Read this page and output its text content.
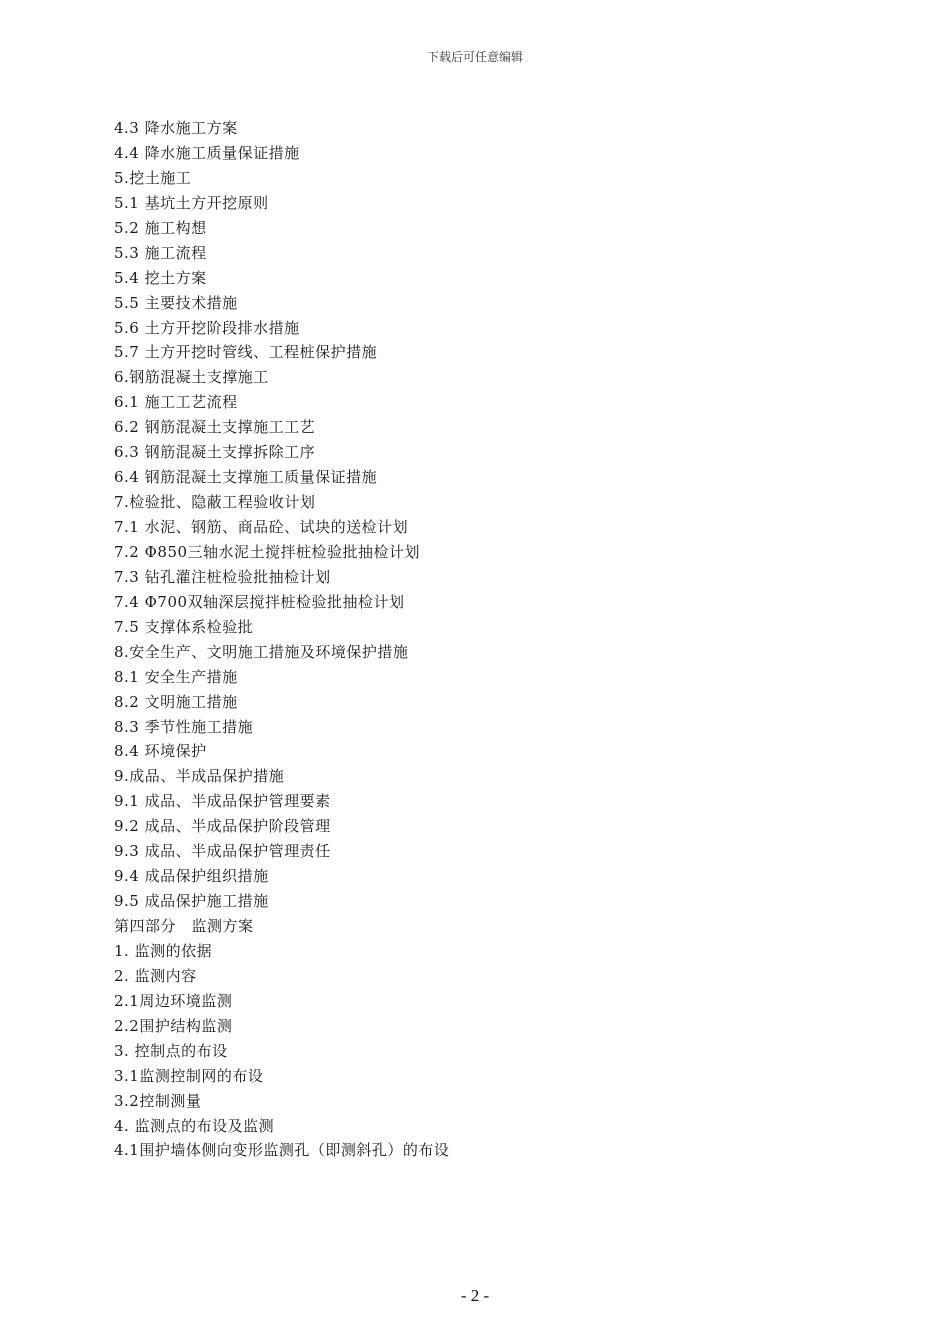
下载后可任意编辑
4.3 降水施工方案
4.4 降水施工质量保证措施
5.挖土施工
5.1 基坑土方开挖原则
5.2 施工构想
5.3 施工流程
5.4 挖土方案
5.5 主要技术措施
5.6 土方开挖阶段排水措施
5.7 土方开挖时管线、工程桩保护措施
6.钢筋混凝土支撑施工
6.1 施工工艺流程
6.2 钢筋混凝土支撑施工工艺
6.3 钢筋混凝土支撑拆除工序
6.4 钢筋混凝土支撑施工质量保证措施
7.检验批、隐蔽工程验收计划
7.1 水泥、钢筋、商品砼、试块的送检计划
7.2 Φ850三轴水泥土搅拌桩检验批抽检计划
7.3 钻孔灌注桩检验批抽检计划
7.4 Φ700双轴深层搅拌桩检验批抽检计划
7.5 支撑体系检验批
8.安全生产、文明施工措施及环境保护措施
8.1 安全生产措施
8.2 文明施工措施
8.3 季节性施工措施
8.4 环境保护
9.成品、半成品保护措施
9.1 成品、半成品保护管理要素
9.2 成品、半成品保护阶段管理
9.3 成品、半成品保护管理责任
9.4 成品保护组织措施
9.5 成品保护施工措施
第四部分　监测方案
1. 监测的依据
2. 监测内容
2.1周边环境监测
2.2围护结构监测
3. 控制点的布设
3.1监测控制网的布设
3.2控制测量
4. 监测点的布设及监测
4.1围护墙体侧向变形监测孔（即测斜孔）的布设
- 2 -
